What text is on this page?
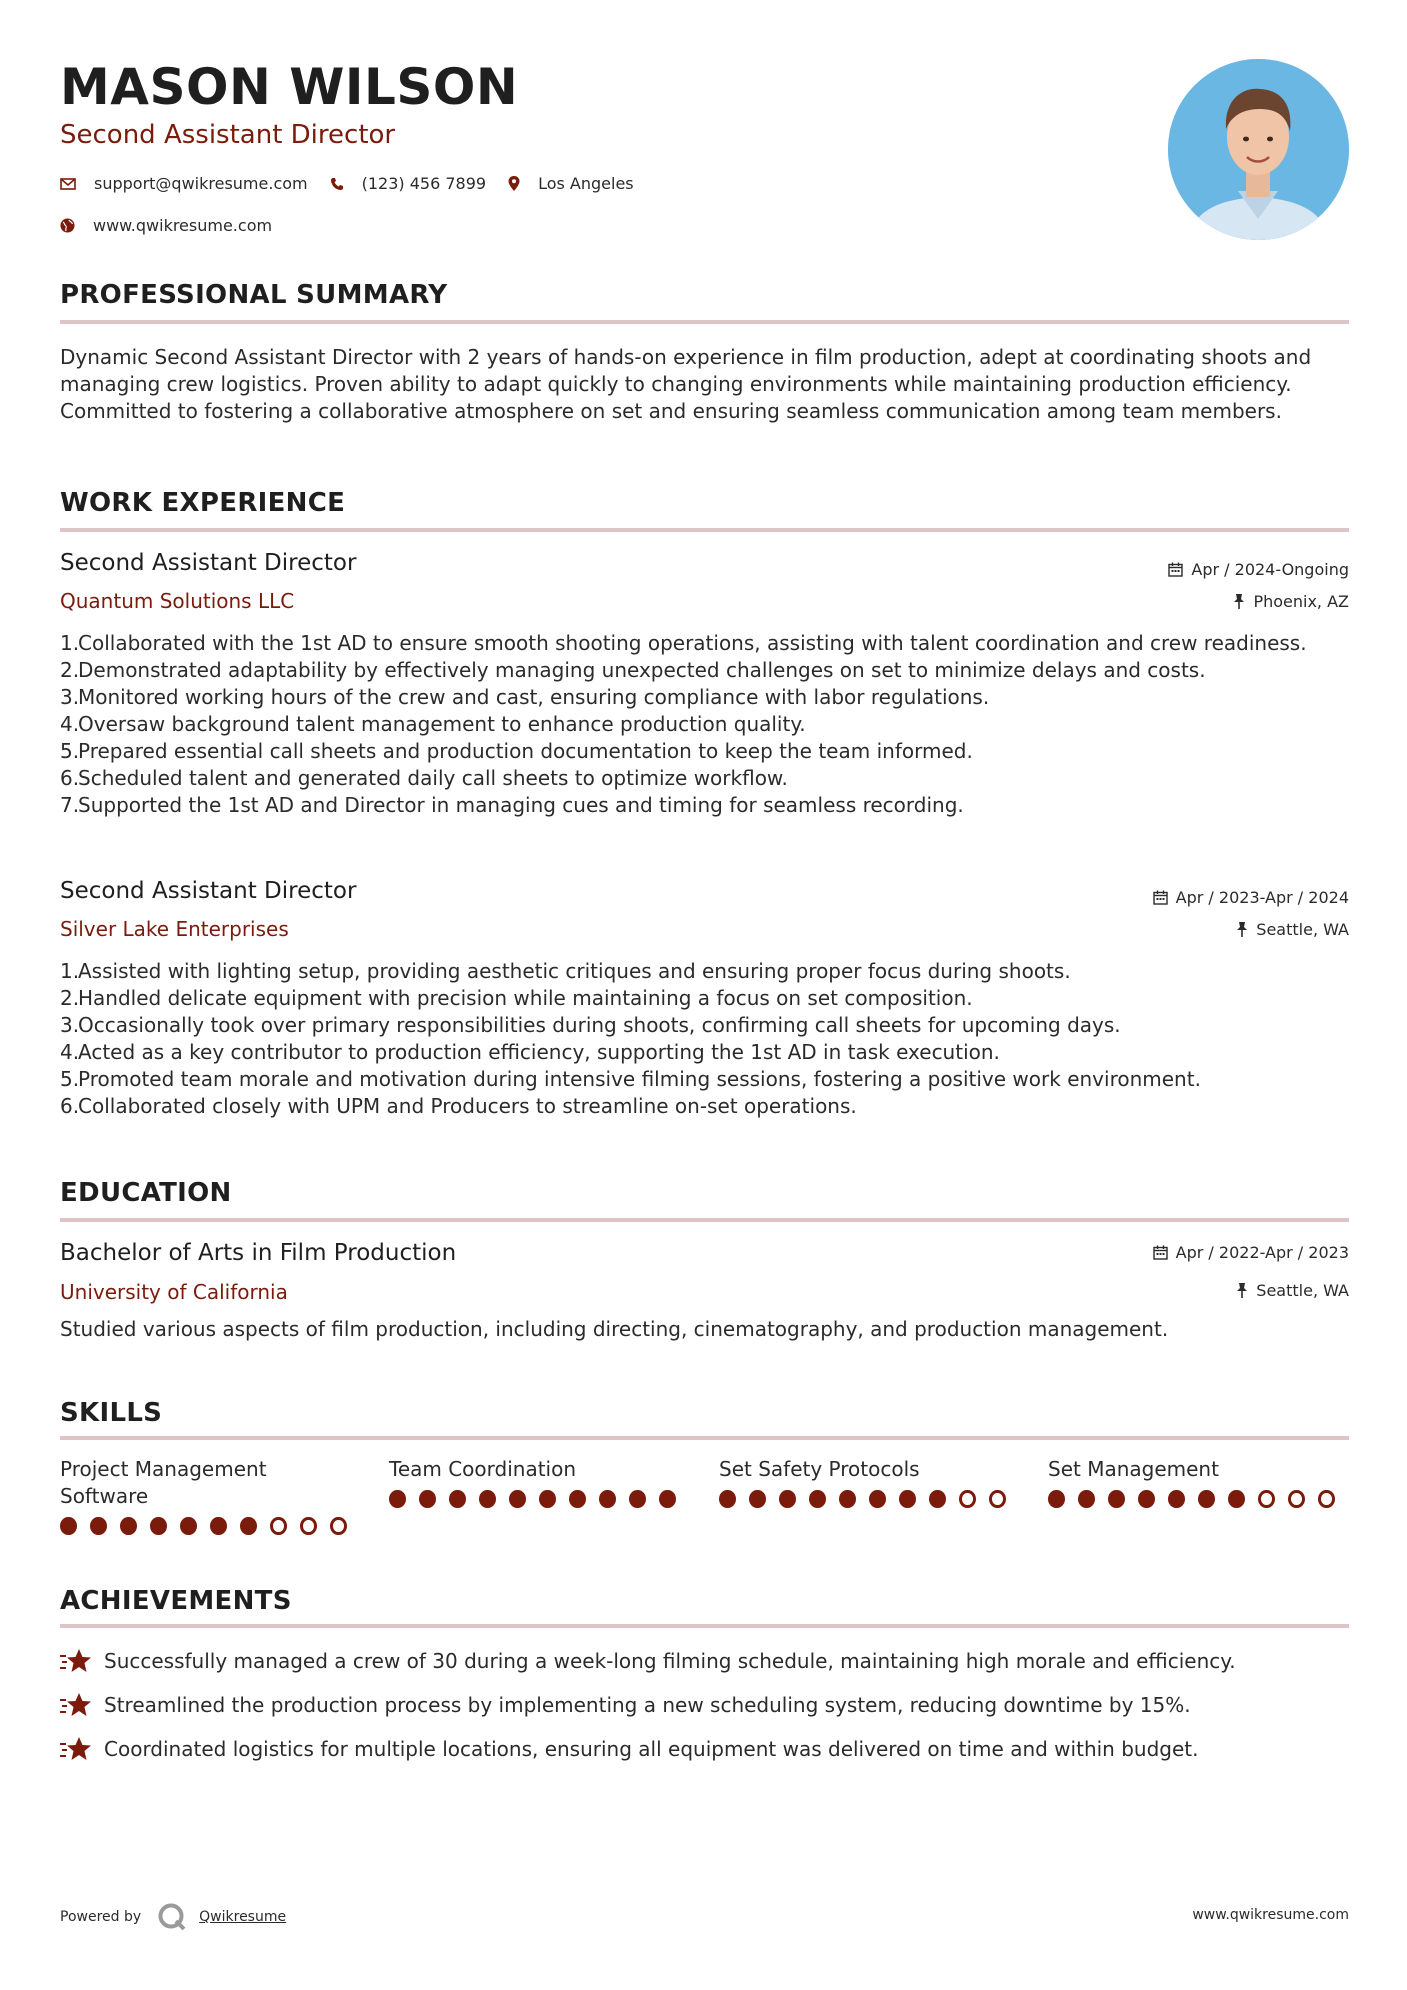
MASON WILSON
Second Assistant Director
support@qwikresume.com	(123) 456 7899	Los Angeles
www.qwikresume.com
PROFESSIONAL SUMMARY
Dynamic Second Assistant Director with 2 years of hands-on experience in film production, adept at coordinating shoots and managing crew logistics. Proven ability to adapt quickly to changing environments while maintaining production efficiency. Committed to fostering a collaborative atmosphere on set and ensuring seamless communication among team members.
WORK EXPERIENCE
Second Assistant Director
Quantum Solutions LLC
Apr / 2024-Ongoing
Phoenix, AZ
1.
Collaborated with the 1st AD to ensure smooth shooting operations, assisting with talent coordination and crew readiness.
2.
Demonstrated adaptability by effectively managing unexpected challenges on set to minimize delays and costs.
3.
Monitored working hours of the crew and cast, ensuring compliance with labor regulations.
4.
Oversaw background talent management to enhance production quality.
5.
Prepared essential call sheets and production documentation to keep the team informed.
6.
Scheduled talent and generated daily call sheets to optimize workflow.
7.
Supported the 1st AD and Director in managing cues and timing for seamless recording.
Second Assistant Director
Silver Lake Enterprises
Apr / 2023-Apr / 2024
Seattle, WA
1.
Assisted with lighting setup, providing aesthetic critiques and ensuring proper focus during shoots.
2.
Handled delicate equipment with precision while maintaining a focus on set composition.
3.
Occasionally took over primary responsibilities during shoots, confirming call sheets for upcoming days.
4.
Acted as a key contributor to production efficiency, supporting the 1st AD in task execution.
5.
Promoted team morale and motivation during intensive filming sessions, fostering a positive work environment.
6.
Collaborated closely with UPM and Producers to streamline on-set operations.
EDUCATION
Bachelor of Arts in Film Production
University of California
Apr / 2022-Apr / 2023
Seattle, WA
Studied various aspects of film production, including directing, cinematography, and production management.
SKILLS
Project Management Software
Team Coordination	Set Safety Protocols	Set Management
ACHIEVEMENTS
Successfully managed a crew of 30 during a week-long filming schedule, maintaining high morale and efficiency.
Streamlined the production process by implementing a new scheduling system, reducing downtime by 15%.
Coordinated logistics for multiple locations, ensuring all equipment was delivered on time and within budget.
Powered by	Qwikresume	www.qwikresume.com
